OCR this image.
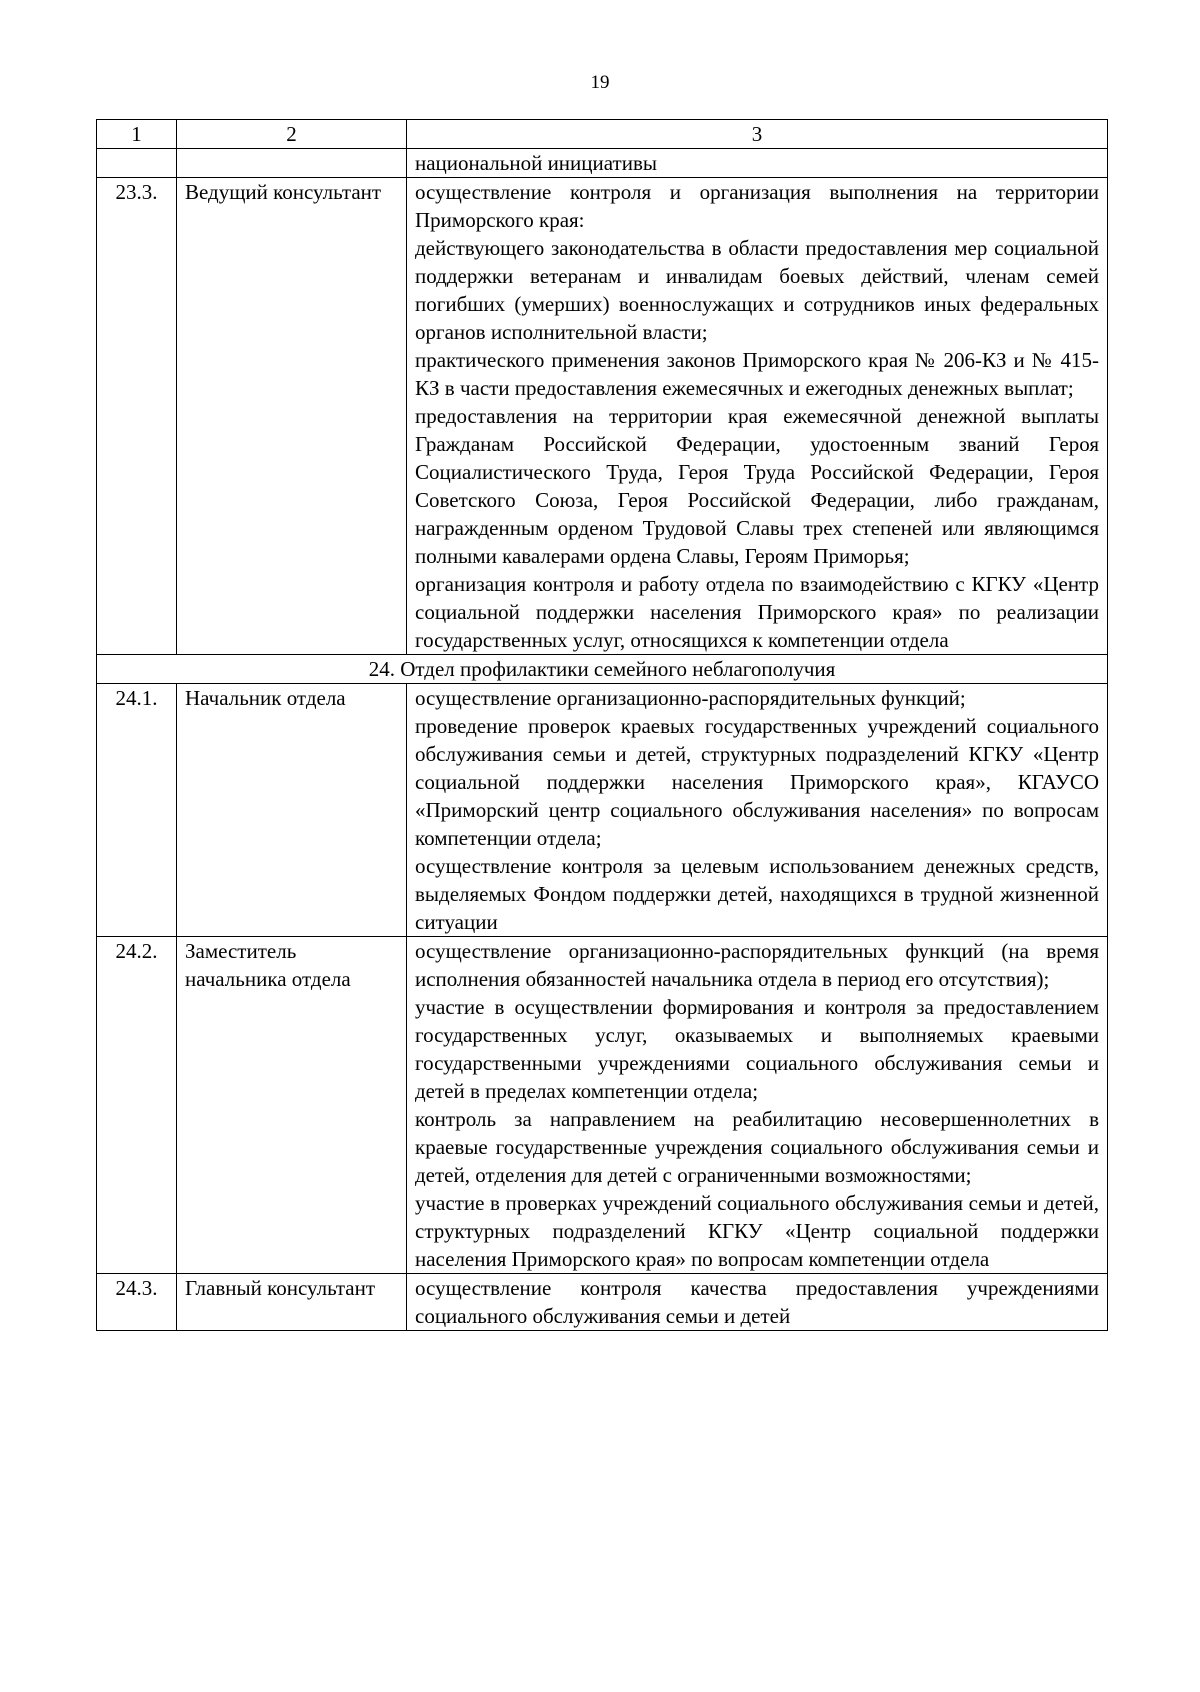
19
1	2	3
		национальной инициативы
23.3.	Ведущий консультант	осуществление контроля и организация выполнения на территории Приморского края:
действующего законодательства в области предоставления мер социальной поддержки ветеранам и инвалидам боевых действий, членам семей погибших (умерших) военнослужащих и сотрудников иных федеральных органов исполнительной власти;
практического применения законов Приморского края № 206-КЗ и № 415-КЗ в части предоставления ежемесячных и ежегодных денежных выплат;
предоставления на территории края ежемесячной денежной выплаты Гражданам Российской Федерации, удостоенным званий Героя Социалистического Труда, Героя Труда Российской Федерации, Героя Советского Союза, Героя Российской Федерации, либо гражданам, награжденным орденом Трудовой Славы трех степеней или являющимся полными кавалерами ордена Славы, Героям Приморья;
организация контроля и работу отдела по взаимодействию с КГКУ «Центр социальной поддержки населения Приморского края» по реализации государственных услуг, относящихся к компетенции отдела

24. Отдел профилактики семейного неблагополучия		
24.1.	Начальник отдела	осуществление организационно-распорядительных функций;
проведение проверок краевых государственных учреждений социального обслуживания семьи и детей, структурных подразделений КГКУ «Центр социальной поддержки населения Приморского края», КГАУСО «Приморский центр социального обслуживания населения» по вопросам компетенции отдела;
осуществление контроля за целевым использованием денежных средств, выделяемых Фондом поддержки детей, находящихся в трудной жизненной ситуации

24.2.	Заместитель начальника отдела	осуществление организационно-распорядительных функций (на время исполнения обязанностей начальника отдела в период его отсутствия);
участие в осуществлении формирования и контроля за предоставлением государственных услуг, оказываемых и выполняемых краевыми государственными учреждениями социального обслуживания семьи и детей в пределах компетенции отдела;
контроль за направлением на реабилитацию несовершеннолетних в краевые государственные учреждения социального обслуживания семьи и детей, отделения для детей с ограниченными возможностями;
участие в проверках учреждений социального обслуживания семьи и детей, структурных подразделений КГКУ «Центр социальной поддержки населения Приморского края» по вопросам компетенции отдела

24.3.	Главный консультант	осуществление контроля качества предоставления учреждениями социального обслуживания семьи и детей
